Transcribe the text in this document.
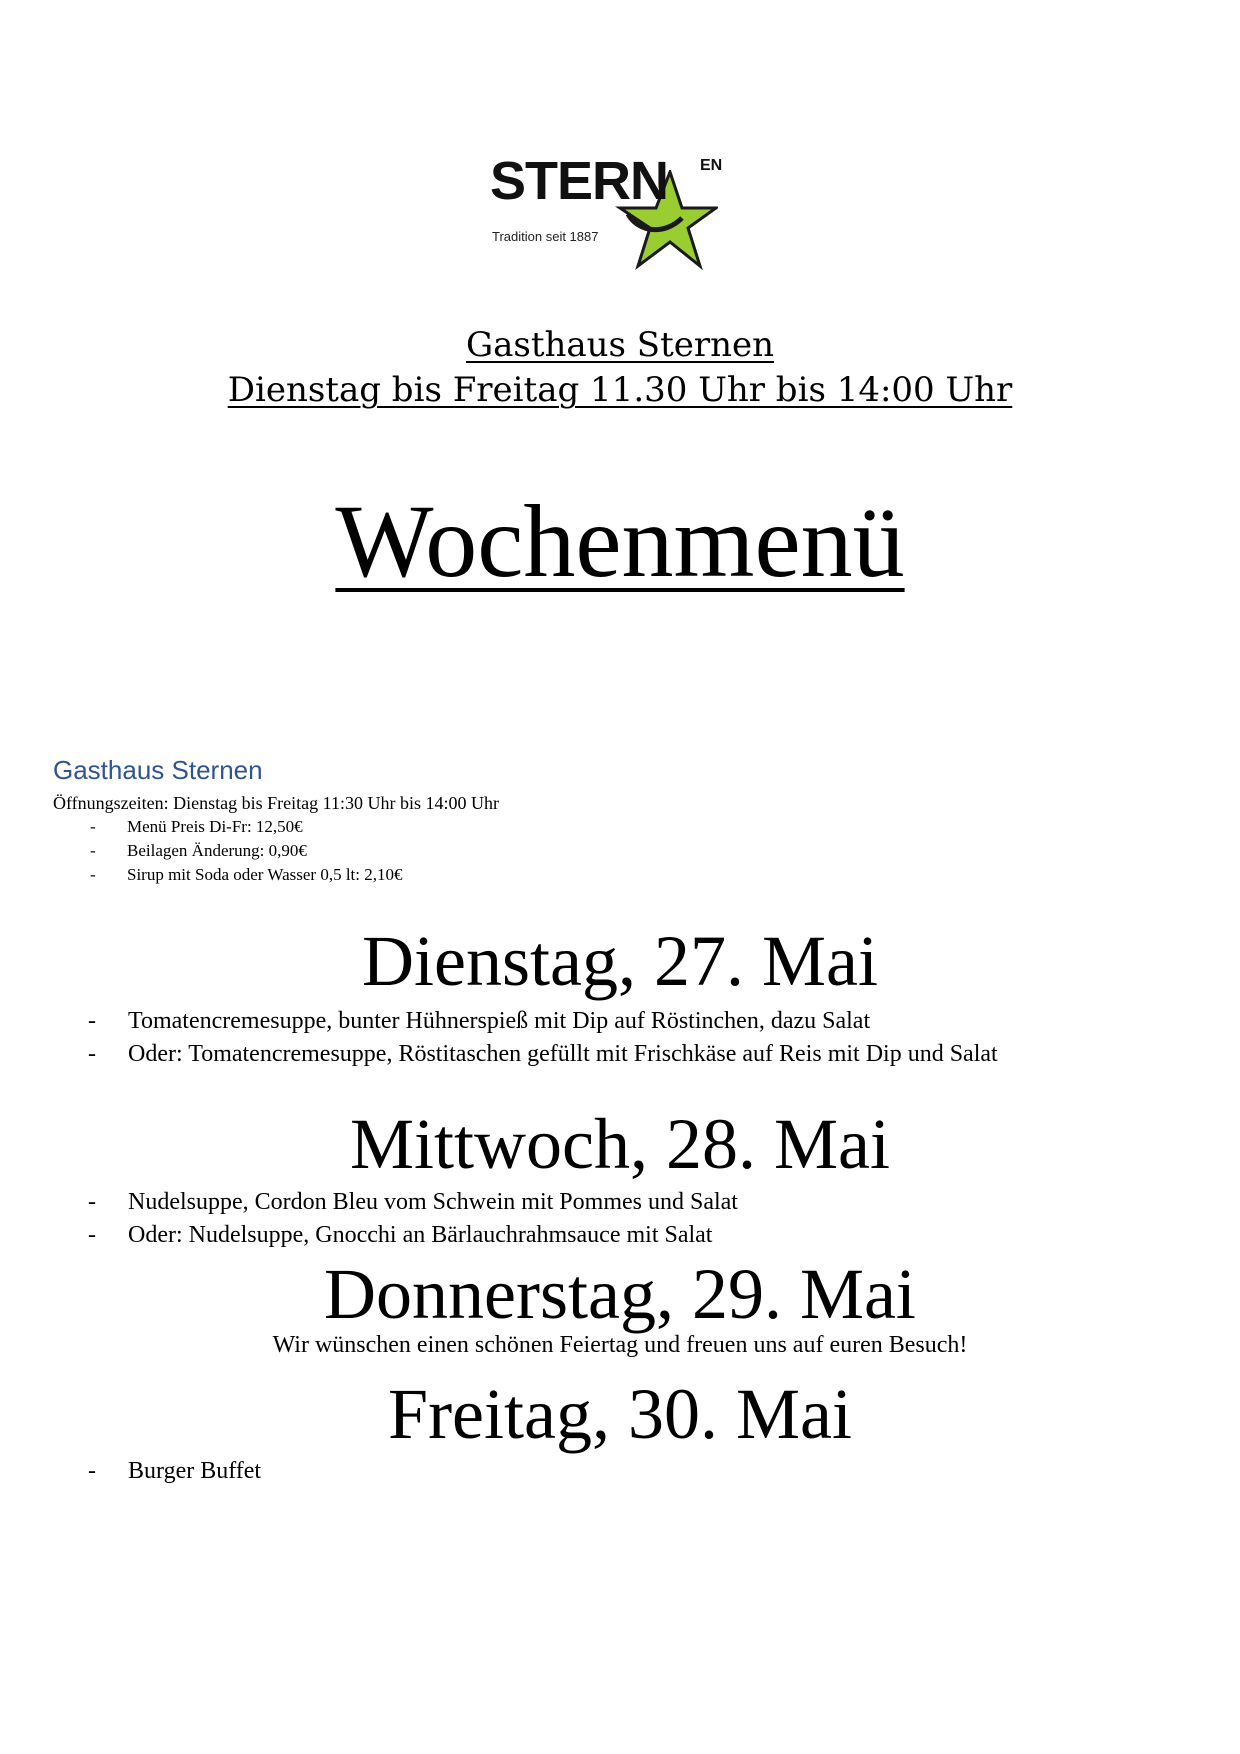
STERN EN
Tradition seit 1887
Gasthaus Sternen
Dienstag bis Freitag 11.30 Uhr bis 14:00 Uhr
Wochenmenü
Gasthaus Sternen
Öffnungszeiten: Dienstag bis Freitag 11:30 Uhr bis 14:00 Uhr
- Menü Preis Di-Fr: 12,50€
- Beilagen Änderung: 0,90€
- Sirup mit Soda oder Wasser 0,5 lt: 2,10€
Dienstag, 27. Mai
- Tomatencremesuppe, bunter Hühnerspieß mit Dip auf Röstinchen, dazu Salat
- Oder: Tomatencremesuppe, Röstitaschen gefüllt mit Frischkäse auf Reis mit Dip und Salat
Mittwoch, 28. Mai
- Nudelsuppe, Cordon Bleu vom Schwein mit Pommes und Salat
- Oder: Nudelsuppe, Gnocchi an Bärlauchrahmsauce mit Salat
Donnerstag, 29. Mai
Wir wünschen einen schönen Feiertag und freuen uns auf euren Besuch!
Freitag, 30. Mai
- Burger Buffet
